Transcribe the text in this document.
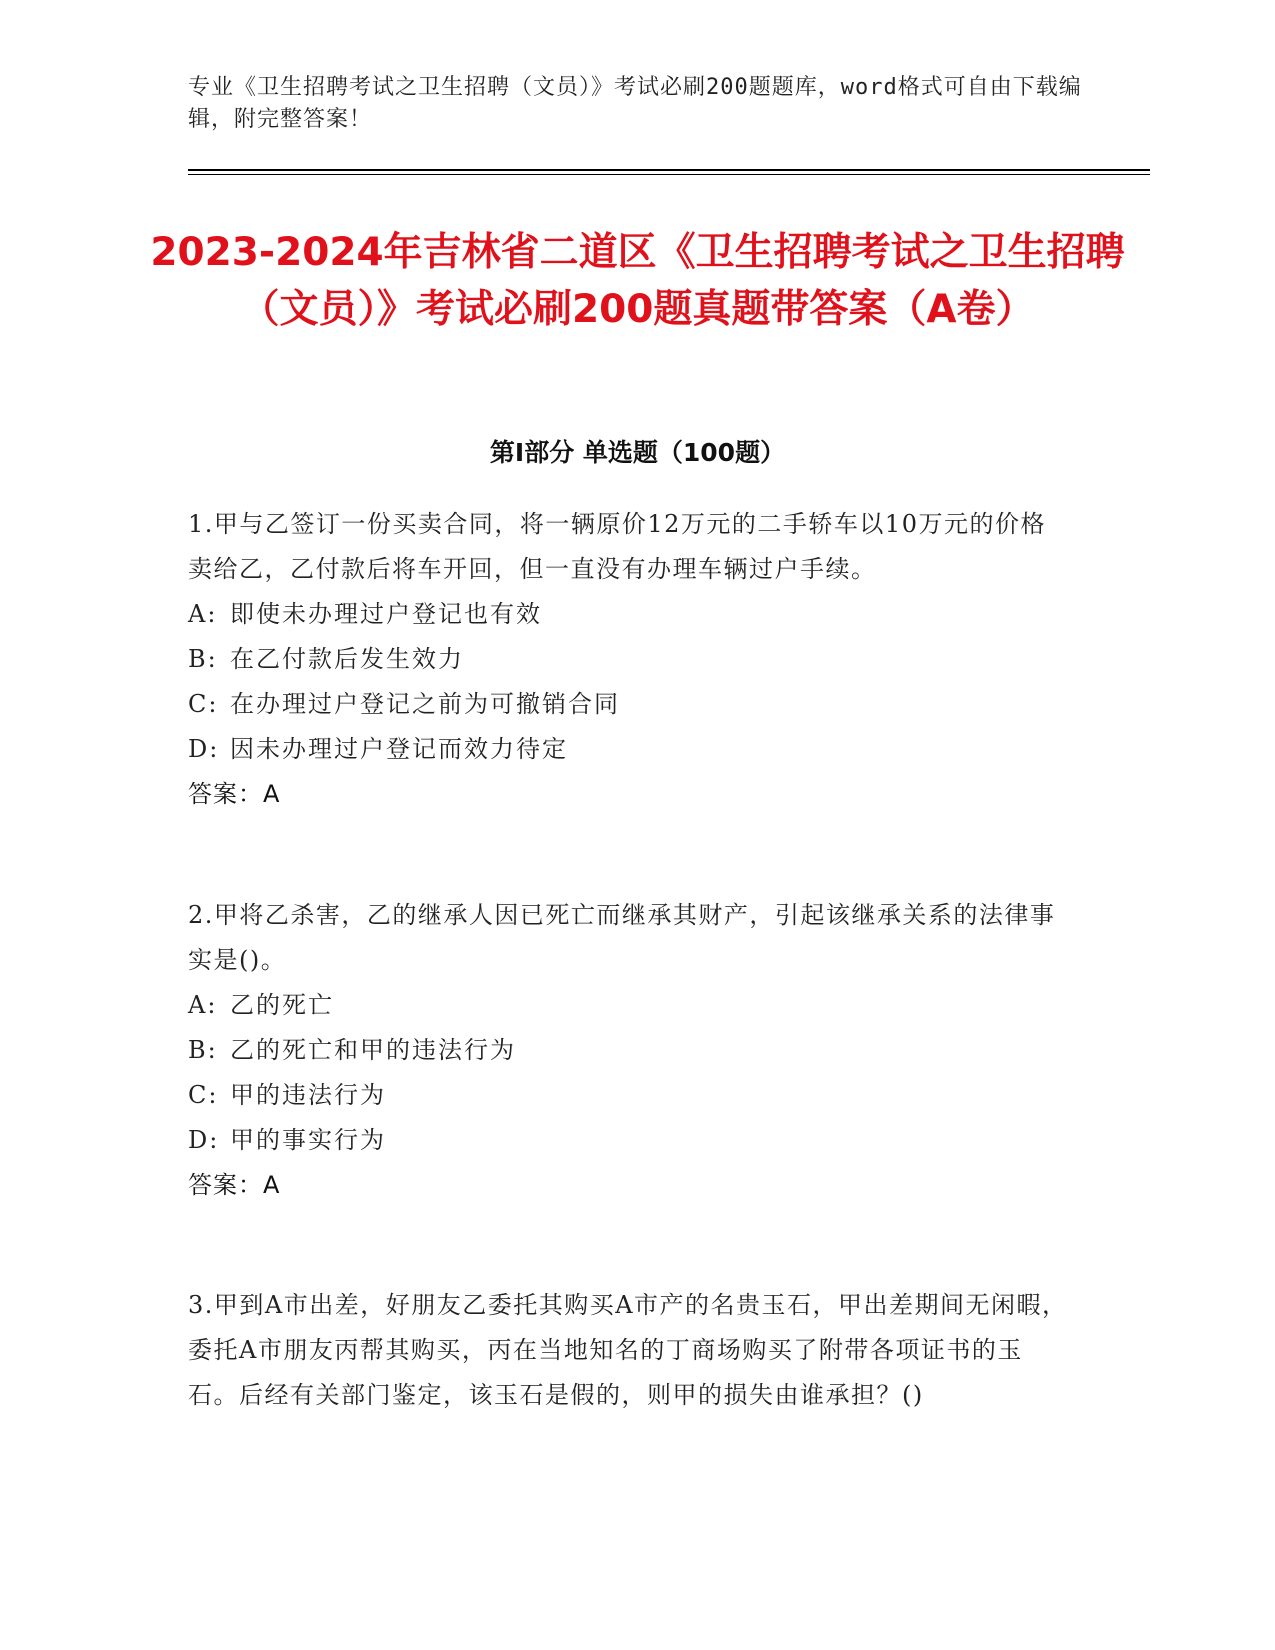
专业《卫生招聘考试之卫生招聘（文员）》考试必刷200题题库，word格式可自由下载编辑，附完整答案！
2023-2024年吉林省二道区《卫生招聘考试之卫生招聘（文员）》考试必刷200题真题带答案（A卷）
第Ⅰ部分 单选题（100题）

1.甲与乙签订一份买卖合同，将一辆原价12万元的二手轿车以10万元的价格卖给乙，乙付款后将车开回，但一直没有办理车辆过户手续。

A: 即使未办理过户登记也有效

B: 在乙付款后发生效力

C: 在办理过户登记之前为可撤销合同

D: 因未办理过户登记而效力待定

答案：A

2.甲将乙杀害，乙的继承人因已死亡而继承其财产，引起该继承关系的法律事实是()。

A: 乙的死亡

B: 乙的死亡和甲的违法行为

C: 甲的违法行为

D: 甲的事实行为

答案：A

3.甲到A市出差，好朋友乙委托其购买A市产的名贵玉石，甲出差期间无闲暇，委托A市朋友丙帮其购买，丙在当地知名的丁商场购买了附带各项证书的玉石。后经有关部门鉴定，该玉石是假的，则甲的损失由谁承担？()
